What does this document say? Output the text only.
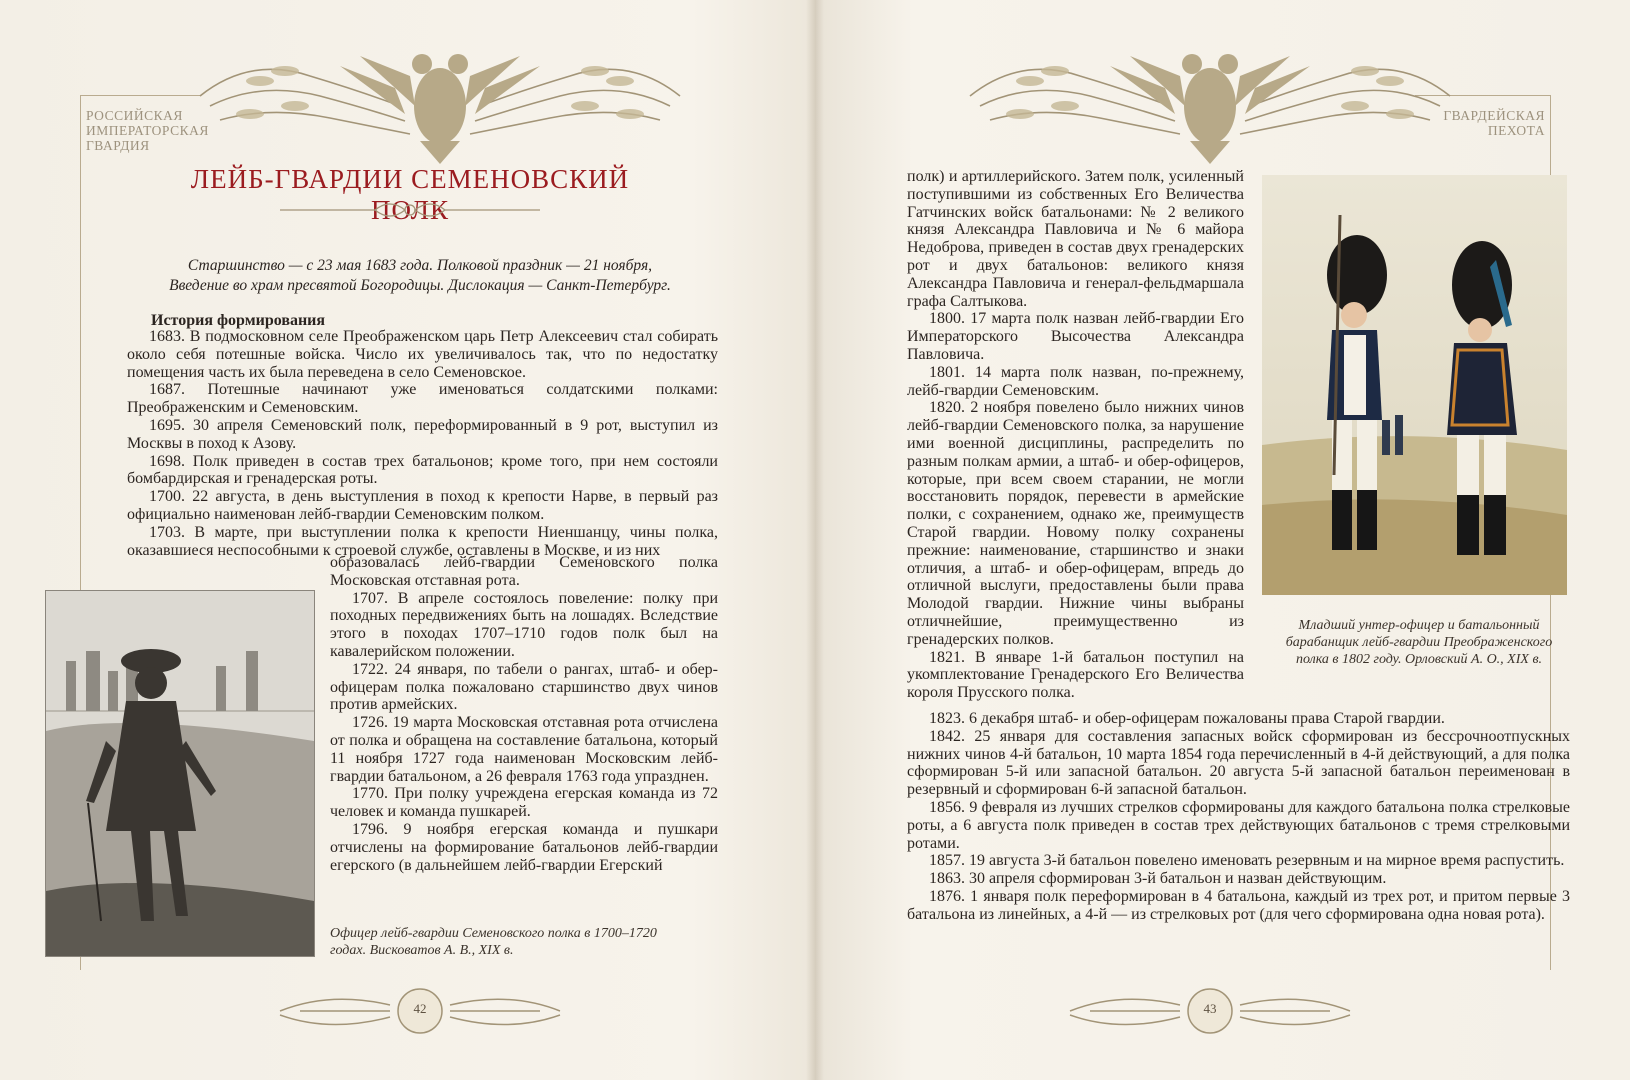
РОССИЙСКАЯ
ИМПЕРАТОРСКАЯ
ГВАРДИЯ
ЛЕЙБ-ГВАРДИИ СЕМЕНОВСКИЙ ПОЛК
Старшинство — с 23 мая 1683 года. Полковой праздник — 21 ноября,
Введение во храм пресвятой Богородицы. Дислокация — Санкт-Петербург.
История формирования

1683. В подмосковном селе Преображенском царь Петр Алексеевич стал собирать около себя потешные войска. Число их увеличивалось так, что по недостатку помещения часть их была переведена в село Семеновское.

1687. Потешные начинают уже именоваться солдатскими полками: Преображенским и Семеновским.

1695. 30 апреля Семеновский полк, переформированный в 9 рот, выступил из Москвы в поход к Азову.

1698. Полк приведен в состав трех батальонов; кроме того, при нем состояли бомбардирская и гренадерская роты.

1700. 22 августа, в день выступления в поход к крепости Нарве, в первый раз официально наименован лейб-гвардии Семеновским полком.

1703. В марте, при выступлении полка к крепости Ниеншанцу, чины полка, оказавшиеся неспособными к строевой службе, оставлены в Москве, и из них

образовалась лейб-гвардии Семеновского полка Московская отставная рота.

1707. В апреле состоялось повеление: полку при походных передвижениях быть на лошадях. Вследствие этого в походах 1707–1710 годов полк был на кавалерийском положении.

1722. 24 января, по табели о рангах, штаб- и обер-офицерам полка пожаловано старшинство двух чинов против армейских.

1726. 19 марта Московская отставная рота отчислена от полка и обращена на составление батальона, который 11 ноября 1727 года наименован Московским лейб-гвардии батальоном, а 26 февраля 1763 года упразднен.

1770. При полку учреждена егерская команда из 72 человек и команда пушкарей.

1796. 9 ноября егерская команда и пушкари отчислены на формирование батальонов лейб-гвардии егерского (в дальнейшем лейб-гвардии Егерский

Офицер лейб-гвардии Семеновского полка в 1700–1720 годах. Висковатов А. В., XIX в.
42
ГВАРДЕЙСКАЯ
ПЕХОТА

полк) и артиллерийского. Затем полк, усиленный поступившими из собственных Его Величества Гатчинских войск батальонами: № 2 великого князя Александра Павловича и № 6 майора Недоброва, приведен в состав двух гренадерских рот и двух батальонов: великого князя Александра Павловича и генерал-фельдмаршала графа Салтыкова.

1800. 17 марта полк назван лейб-гвардии Его Императорского Высочества Александра Павловича.

1801. 14 марта полк назван, по-прежнему, лейб-гвардии Семеновским.

1820. 2 ноября повелено было нижних чинов лейб-гвардии Семеновского полка, за нарушение ими военной дисциплины, распределить по разным полкам армии, а штаб- и обер-офицеров, которые, при всем своем старании, не могли восстановить порядок, перевести в армейские полки, с сохранением, однако же, преимуществ Старой гвардии. Новому полку сохранены прежние: наименование, старшинство и знаки отличия, а штаб- и обер-офицерам, впредь до отличной выслуги, предоставлены были права Молодой гвардии. Нижние чины выбраны отличнейшие, преимущественно из гренадерских полков.

1821. В январе 1-й батальон поступил на укомплектование Гренадерского Его Величества короля Прусского полка.

Младший унтер-офицер и батальонный барабанщик лейб-гвардии Преображенского полка в 1802 году. Орловский А. О., XIX в.

1823. 6 декабря штаб- и обер-офицерам пожалованы права Старой гвардии.

1842. 25 января для составления запасных войск сформирован из бессрочноотпускных нижних чинов 4-й батальон, 10 марта 1854 года перечисленный в 4-й действующий, а для полка сформирован 5-й или запасной батальон. 20 августа 5-й запасной батальон переименован в резервный и сформирован 6-й запасной батальон.

1856. 9 февраля из лучших стрелков сформированы для каждого батальона полка стрелковые роты, а 6 августа полк приведен в состав трех действующих батальонов с тремя стрелковыми ротами.

1857. 19 августа 3-й батальон повелено именовать резервным и на мирное время распустить.

1863. 30 апреля сформирован 3-й батальон и назван действующим.

1876. 1 января полк переформирован в 4 батальона, каждый из трех рот, и притом первые 3 батальона из линейных, а 4-й — из стрелковых рот (для чего сформирована одна новая рота).

43
